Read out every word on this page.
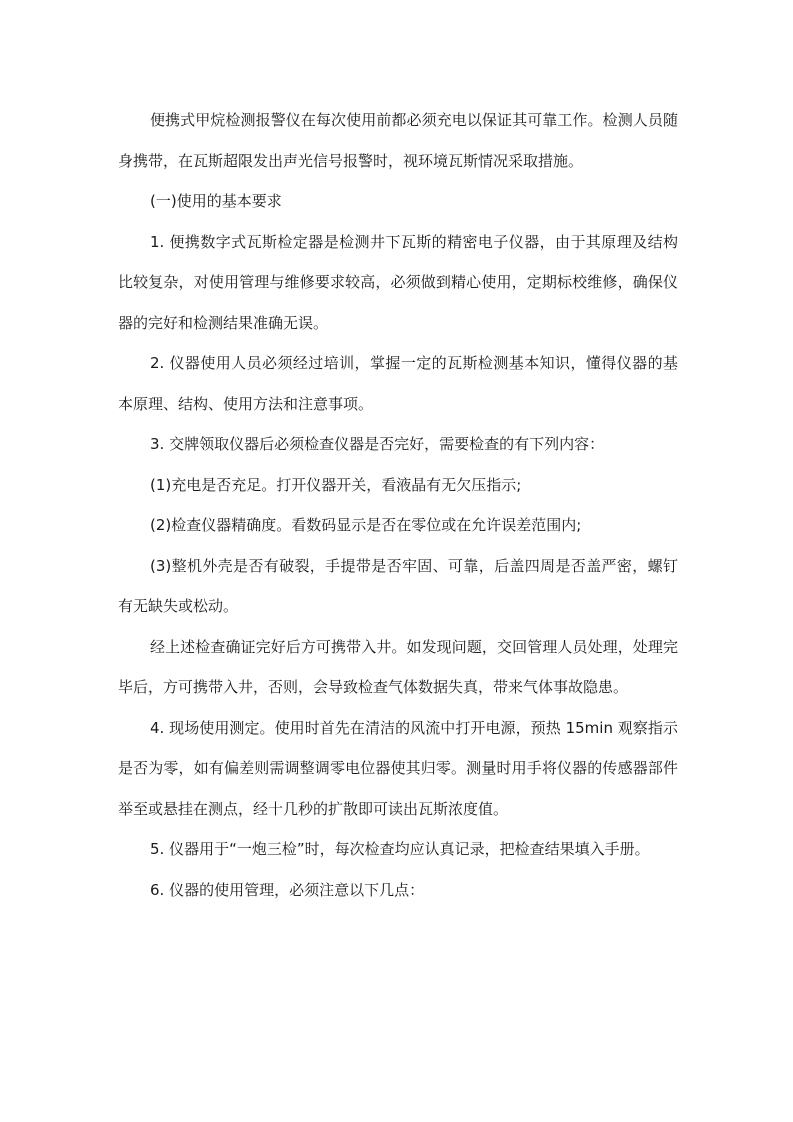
便携式甲烷检测报警仪在每次使用前都必须充电以保证其可靠工作。检测人员随身携带，在瓦斯超限发出声光信号报警时，视环境瓦斯情况采取措施。

(一)使用的基本要求

1. 便携数字式瓦斯检定器是检测井下瓦斯的精密电子仪器，由于其原理及结构比较复杂，对使用管理与维修要求较高，必须做到精心使用，定期标校维修，确保仪器的完好和检测结果准确无误。

2. 仪器使用人员必须经过培训，掌握一定的瓦斯检测基本知识，懂得仪器的基本原理、结构、使用方法和注意事项。

3. 交牌领取仪器后必须检查仪器是否完好，需要检查的有下列内容：

(1)充电是否充足。打开仪器开关，看液晶有无欠压指示;

(2)检查仪器精确度。看数码显示是否在零位或在允许误差范围内;

(3)整机外壳是否有破裂，手提带是否牢固、可靠，后盖四周是否盖严密，螺钉有无缺失或松动。

经上述检查确证完好后方可携带入井。如发现问题，交回管理人员处理，处理完毕后，方可携带入井，否则，会导致检查气体数据失真，带来气体事故隐患。

4. 现场使用测定。使用时首先在清洁的风流中打开电源，预热 15min 观察指示是否为零，如有偏差则需调整调零电位器使其归零。测量时用手将仪器的传感器部件举至或悬挂在测点，经十几秒的扩散即可读出瓦斯浓度值。

5. 仪器用于“一炮三检”时，每次检查均应认真记录，把检查结果填入手册。

6. 仪器的使用管理，必须注意以下几点：
